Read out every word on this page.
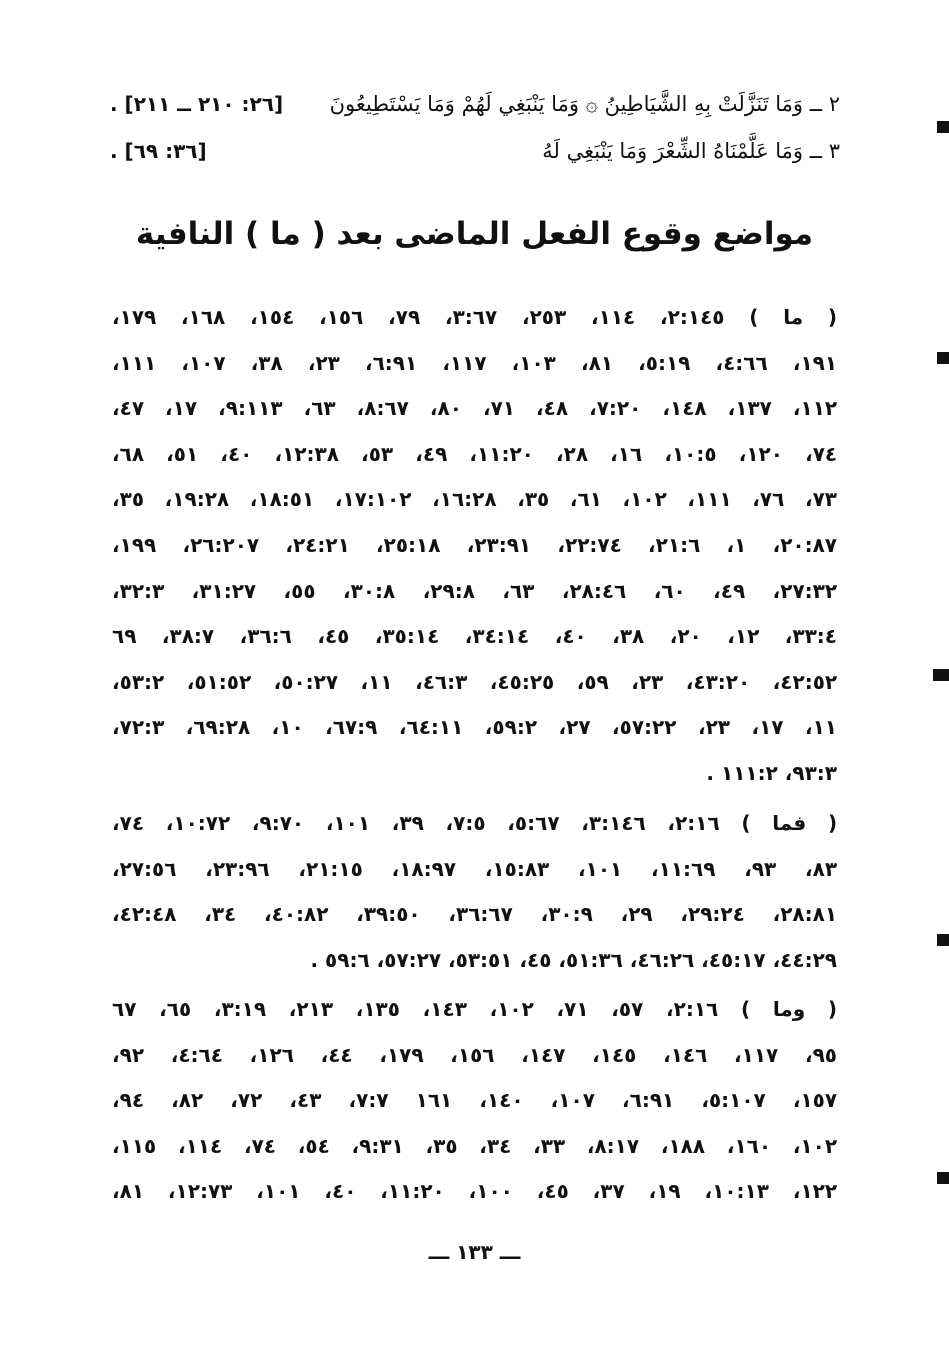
٢ ــ وَمَا تَنَزَّلَتْ بِهِ الشَّيَاطِينُ ۞ وَمَا يَنْبَغِي لَهُمْ وَمَا يَسْتَطِيعُونَ
. [٢٦: ٢١٠ ــ ٢١١]
٣ ــ وَمَا عَلَّمْنَاهُ الشِّعْرَ وَمَا يَنْبَغِي لَهُ
. [٣٦: ٦٩]
مواضع وقوع الفعل الماضى بعد ( ما ) النافية
( ما ) ٢:١٤٥، ١١٤، ٢٥٣، ٣:٦٧، ٧٩، ١٥٦، ١٥٤، ١٦٨، ١٧٩،
١٩١، ٤:٦٦، ٥:١٩، ٨١، ١٠٣، ١١٧، ٦:٩١، ٢٣، ٣٨، ١٠٧، ١١١،
١١٢، ١٣٧، ١٤٨، ٧:٢٠، ٤٨، ٧١، ٨٠، ٨:٦٧، ٦٣، ٩:١١٣، ١٧، ٤٧،
٧٤، ١٢٠، ١٠:٥، ١٦، ٢٨، ١١:٢٠، ٤٩، ٥٣، ١٢:٣٨، ٤٠، ٥١، ٦٨،
٧٣، ٧٦، ١١١، ١٠٢، ٦١، ٣٥، ١٦:٢٨، ١٧:١٠٢، ١٨:٥١، ١٩:٢٨، ٣٥،
٢٠:٨٧، ١، ٢١:٦، ٢٢:٧٤، ٢٣:٩١، ٢٥:١٨، ٢٤:٢١، ٢٦:٢٠٧، ١٩٩،
٢٧:٣٢، ٤٩، ٦٠، ٢٨:٤٦، ٦٣، ٢٩:٨، ٣٠:٨، ٥٥، ٣١:٢٧، ٣٢:٣،
٣٣:٤، ١٢، ٢٠، ٣٨، ٤٠، ٣٤:١٤، ٣٥:١٤، ٤٥، ٣٦:٦، ٣٨:٧، ٦٩
٤٢:٥٢، ٤٣:٢٠، ٢٣، ٥٩، ٤٥:٢٥، ٤٦:٣، ١١، ٥٠:٢٧، ٥١:٥٢، ٥٣:٢،
١١، ١٧، ٢٣، ٥٧:٢٢، ٢٧، ٥٩:٢، ٦٤:١١، ٦٧:٩، ١٠، ٦٩:٢٨، ٧٢:٣،
٩٣:٣، ١١١:٢ .
( فما ) ٢:١٦، ٣:١٤٦، ٥:٦٧، ٧:٥، ٣٩، ١٠١، ٩:٧٠، ١٠:٧٢، ٧٤،
٨٣، ٩٣، ١١:٦٩، ١٠١، ١٥:٨٣، ١٨:٩٧، ٢١:١٥، ٢٣:٩٦، ٢٧:٥٦،
٢٨:٨١، ٢٩:٢٤، ٢٩، ٣٠:٩، ٣٦:٦٧، ٣٩:٥٠، ٤٠:٨٢، ٣٤، ٤٢:٤٨،
٤٤:٢٩، ٤٥:١٧، ٤٦:٢٦، ٥١:٣٦، ٤٥، ٥٣:٥١، ٥٧:٢٧، ٥٩:٦ .
( وما ) ٢:١٦، ٥٧، ٧١، ١٠٢، ١٤٣، ١٣٥، ٢١٣، ٣:١٩، ٦٥، ٦٧
٩٥، ١١٧، ١٤٦، ١٤٥، ١٤٧، ١٥٦، ١٧٩، ٤٤، ١٢٦، ٤:٦٤، ٩٢،
١٥٧، ٥:١٠٧، ٦:٩١، ١٠٧، ١٤٠، ١٦١ ٧:٧، ٤٣، ٧٢، ٨٢، ٩٤،
١٠٢، ١٦٠، ١٨٨، ٨:١٧، ٣٣، ٣٤، ٣٥، ٩:٣١، ٥٤، ٧٤، ١١٤، ١١٥،
١٢٢، ١٠:١٣، ١٩، ٣٧، ٤٥، ١٠٠، ١١:٢٠، ٤٠، ١٠١، ١٢:٧٣، ٨١،
ـــ ١٣٣ ـــ
